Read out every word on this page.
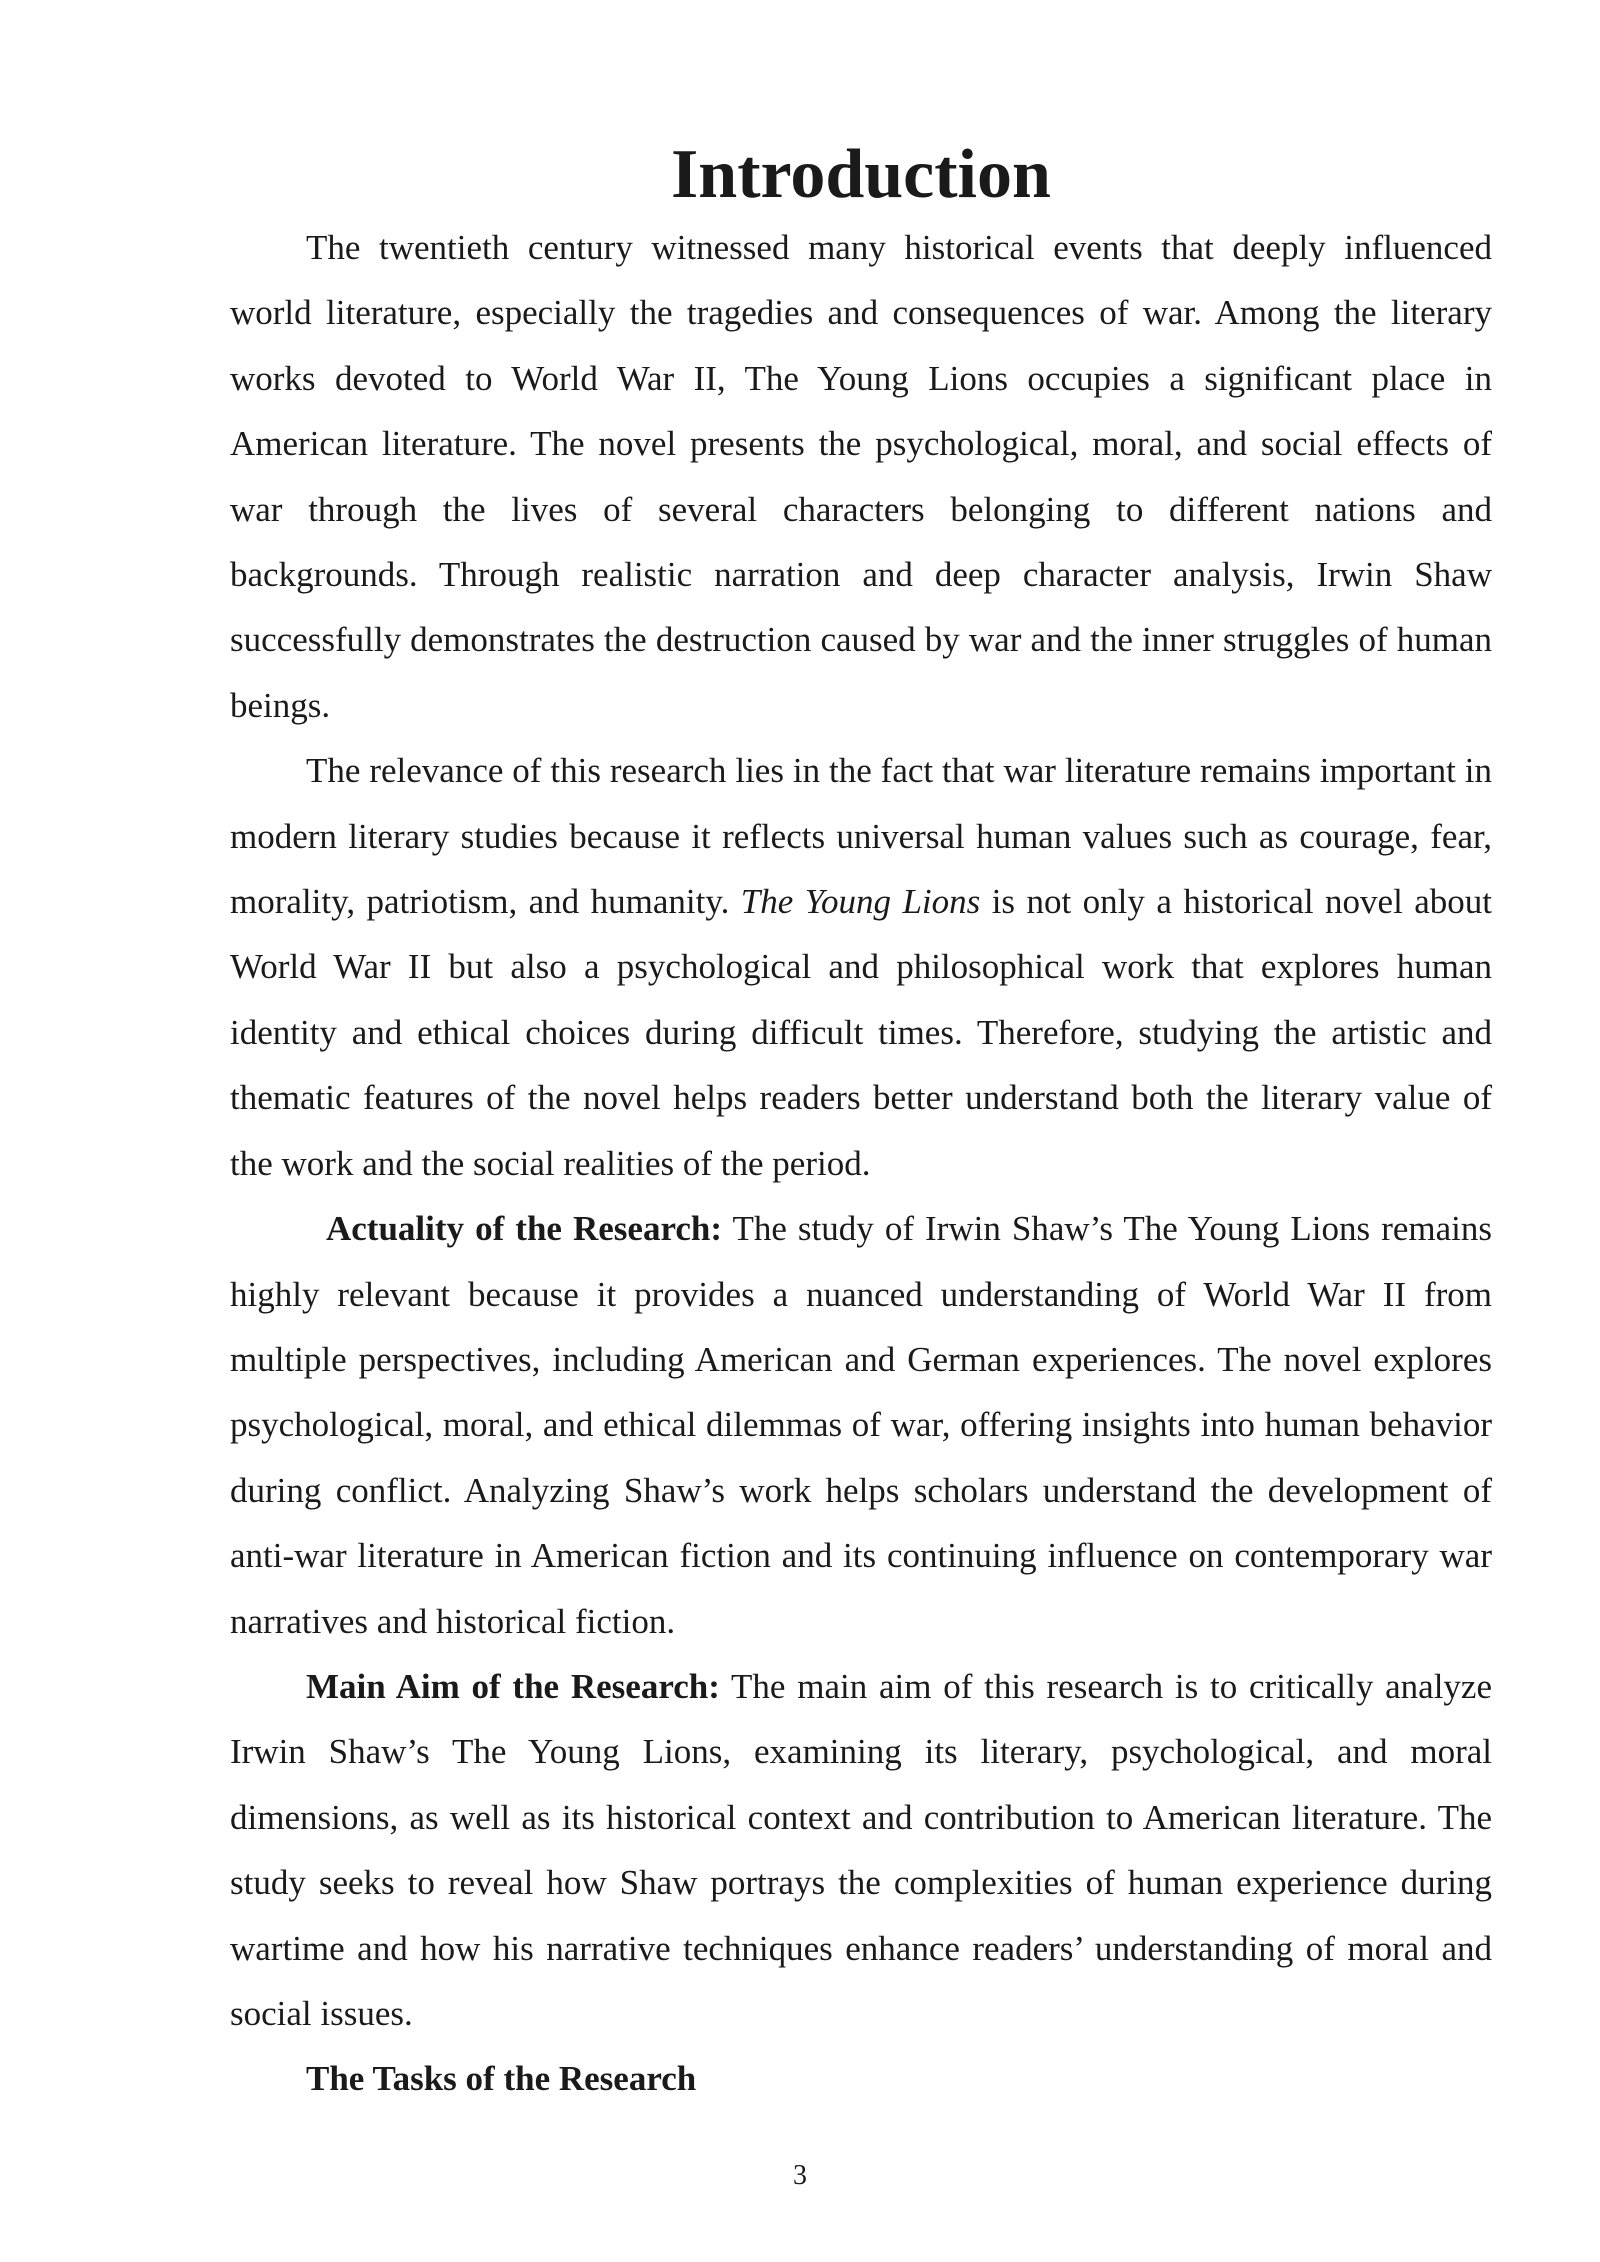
Introduction

The twentieth century witnessed many historical events that deeply influenced world literature, especially the tragedies and consequences of war. Among the literary works devoted to World War II, The Young Lions occupies a significant place in American literature. The novel presents the psychological, moral, and social effects of war through the lives of several characters belonging to different nations and backgrounds. Through realistic narration and deep character analysis, Irwin Shaw successfully demonstrates the destruction caused by war and the inner struggles of human beings.

The relevance of this research lies in the fact that war literature remains important in modern literary studies because it reflects universal human values such as courage, fear, morality, patriotism, and humanity. The Young Lions is not only a historical novel about World War II but also a psychological and philosophical work that explores human identity and ethical choices during difficult times. Therefore, studying the artistic and thematic features of the novel helps readers better understand both the literary value of the work and the social realities of the period.

Actuality of the Research: The study of Irwin Shaw’s The Young Lions remains highly relevant because it provides a nuanced understanding of World War II from multiple perspectives, including American and German experiences. The novel explores psychological, moral, and ethical dilemmas of war, offering insights into human behavior during conflict. Analyzing Shaw’s work helps scholars understand the development of anti-war literature in American fiction and its continuing influence on contemporary war narratives and historical fiction.

Main Aim of the Research: The main aim of this research is to critically analyze Irwin Shaw’s The Young Lions, examining its literary, psychological, and moral dimensions, as well as its historical context and contribution to American literature. The study seeks to reveal how Shaw portrays the complexities of human experience during wartime and how his narrative techniques enhance readers’ understanding of moral and social issues.

The Tasks of the Research
3
